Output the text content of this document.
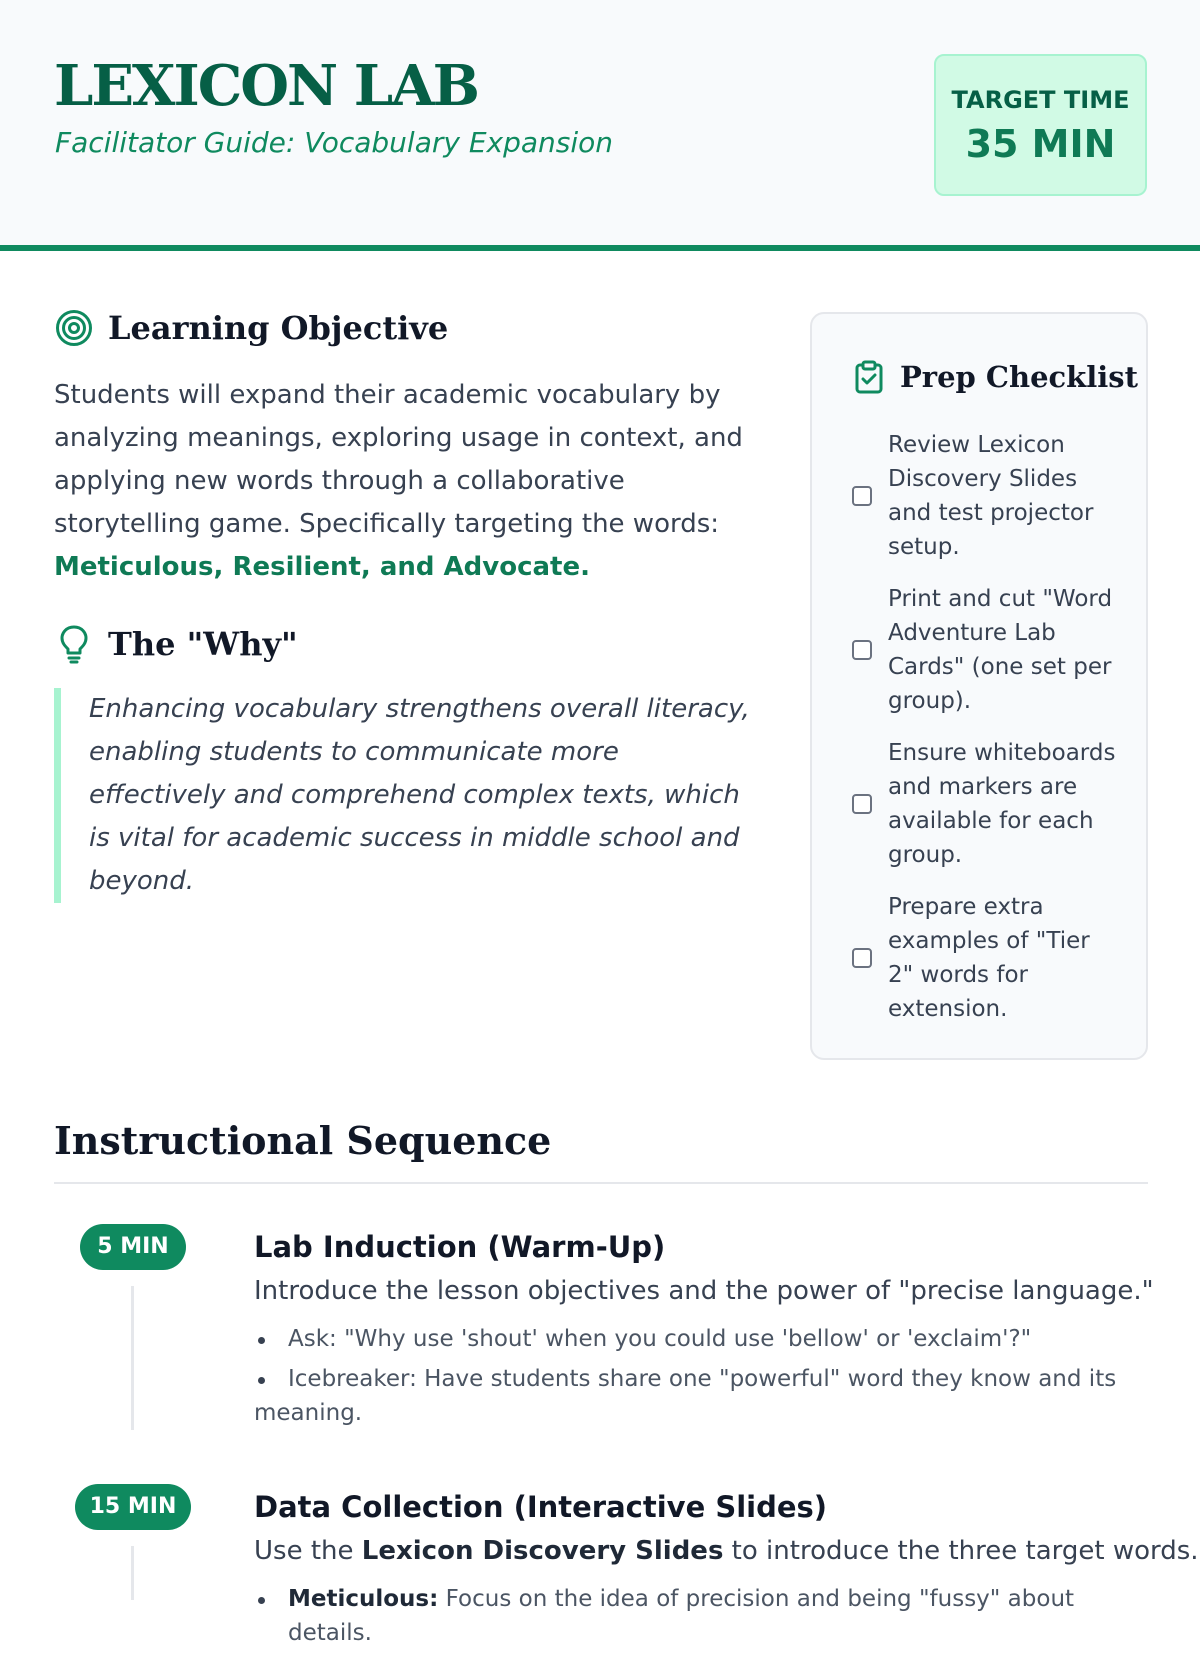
LEXICON LAB
Facilitator Guide: Vocabulary Expansion
TARGET TIME
35 MIN
Learning Objective
Students will expand their academic vocabulary by analyzing meanings, exploring usage in context, and applying new words through a collaborative storytelling game. Specifically targeting the words: Meticulous, Resilient, and Advocate.
The "Why"
Enhancing vocabulary strengthens overall literacy, enabling students to communicate more effectively and comprehend complex texts, which is vital for academic success in middle school and beyond.
Prep Checklist
Review Lexicon Discovery Slides and test projector setup.
Print and cut "Word Adventure Lab Cards" (one set per group).
Ensure whiteboards and markers are available for each group.
Prepare extra examples of "Tier 2" words for extension.
Instructional Sequence
5 MIN	Lab Induction (Warm-Up)
Introduce the lesson objectives and the power of "precise language."
Ask: "Why use 'shout' when you could use 'bellow' or 'exclaim'?"
Icebreaker: Have students share one "powerful" word they know and its meaning.
15 MIN	Data Collection (Interactive Slides)
Use the Lexicon Discovery Slides to introduce the three target words.
Meticulous: Focus on the idea of precision and being "fussy" about details.
